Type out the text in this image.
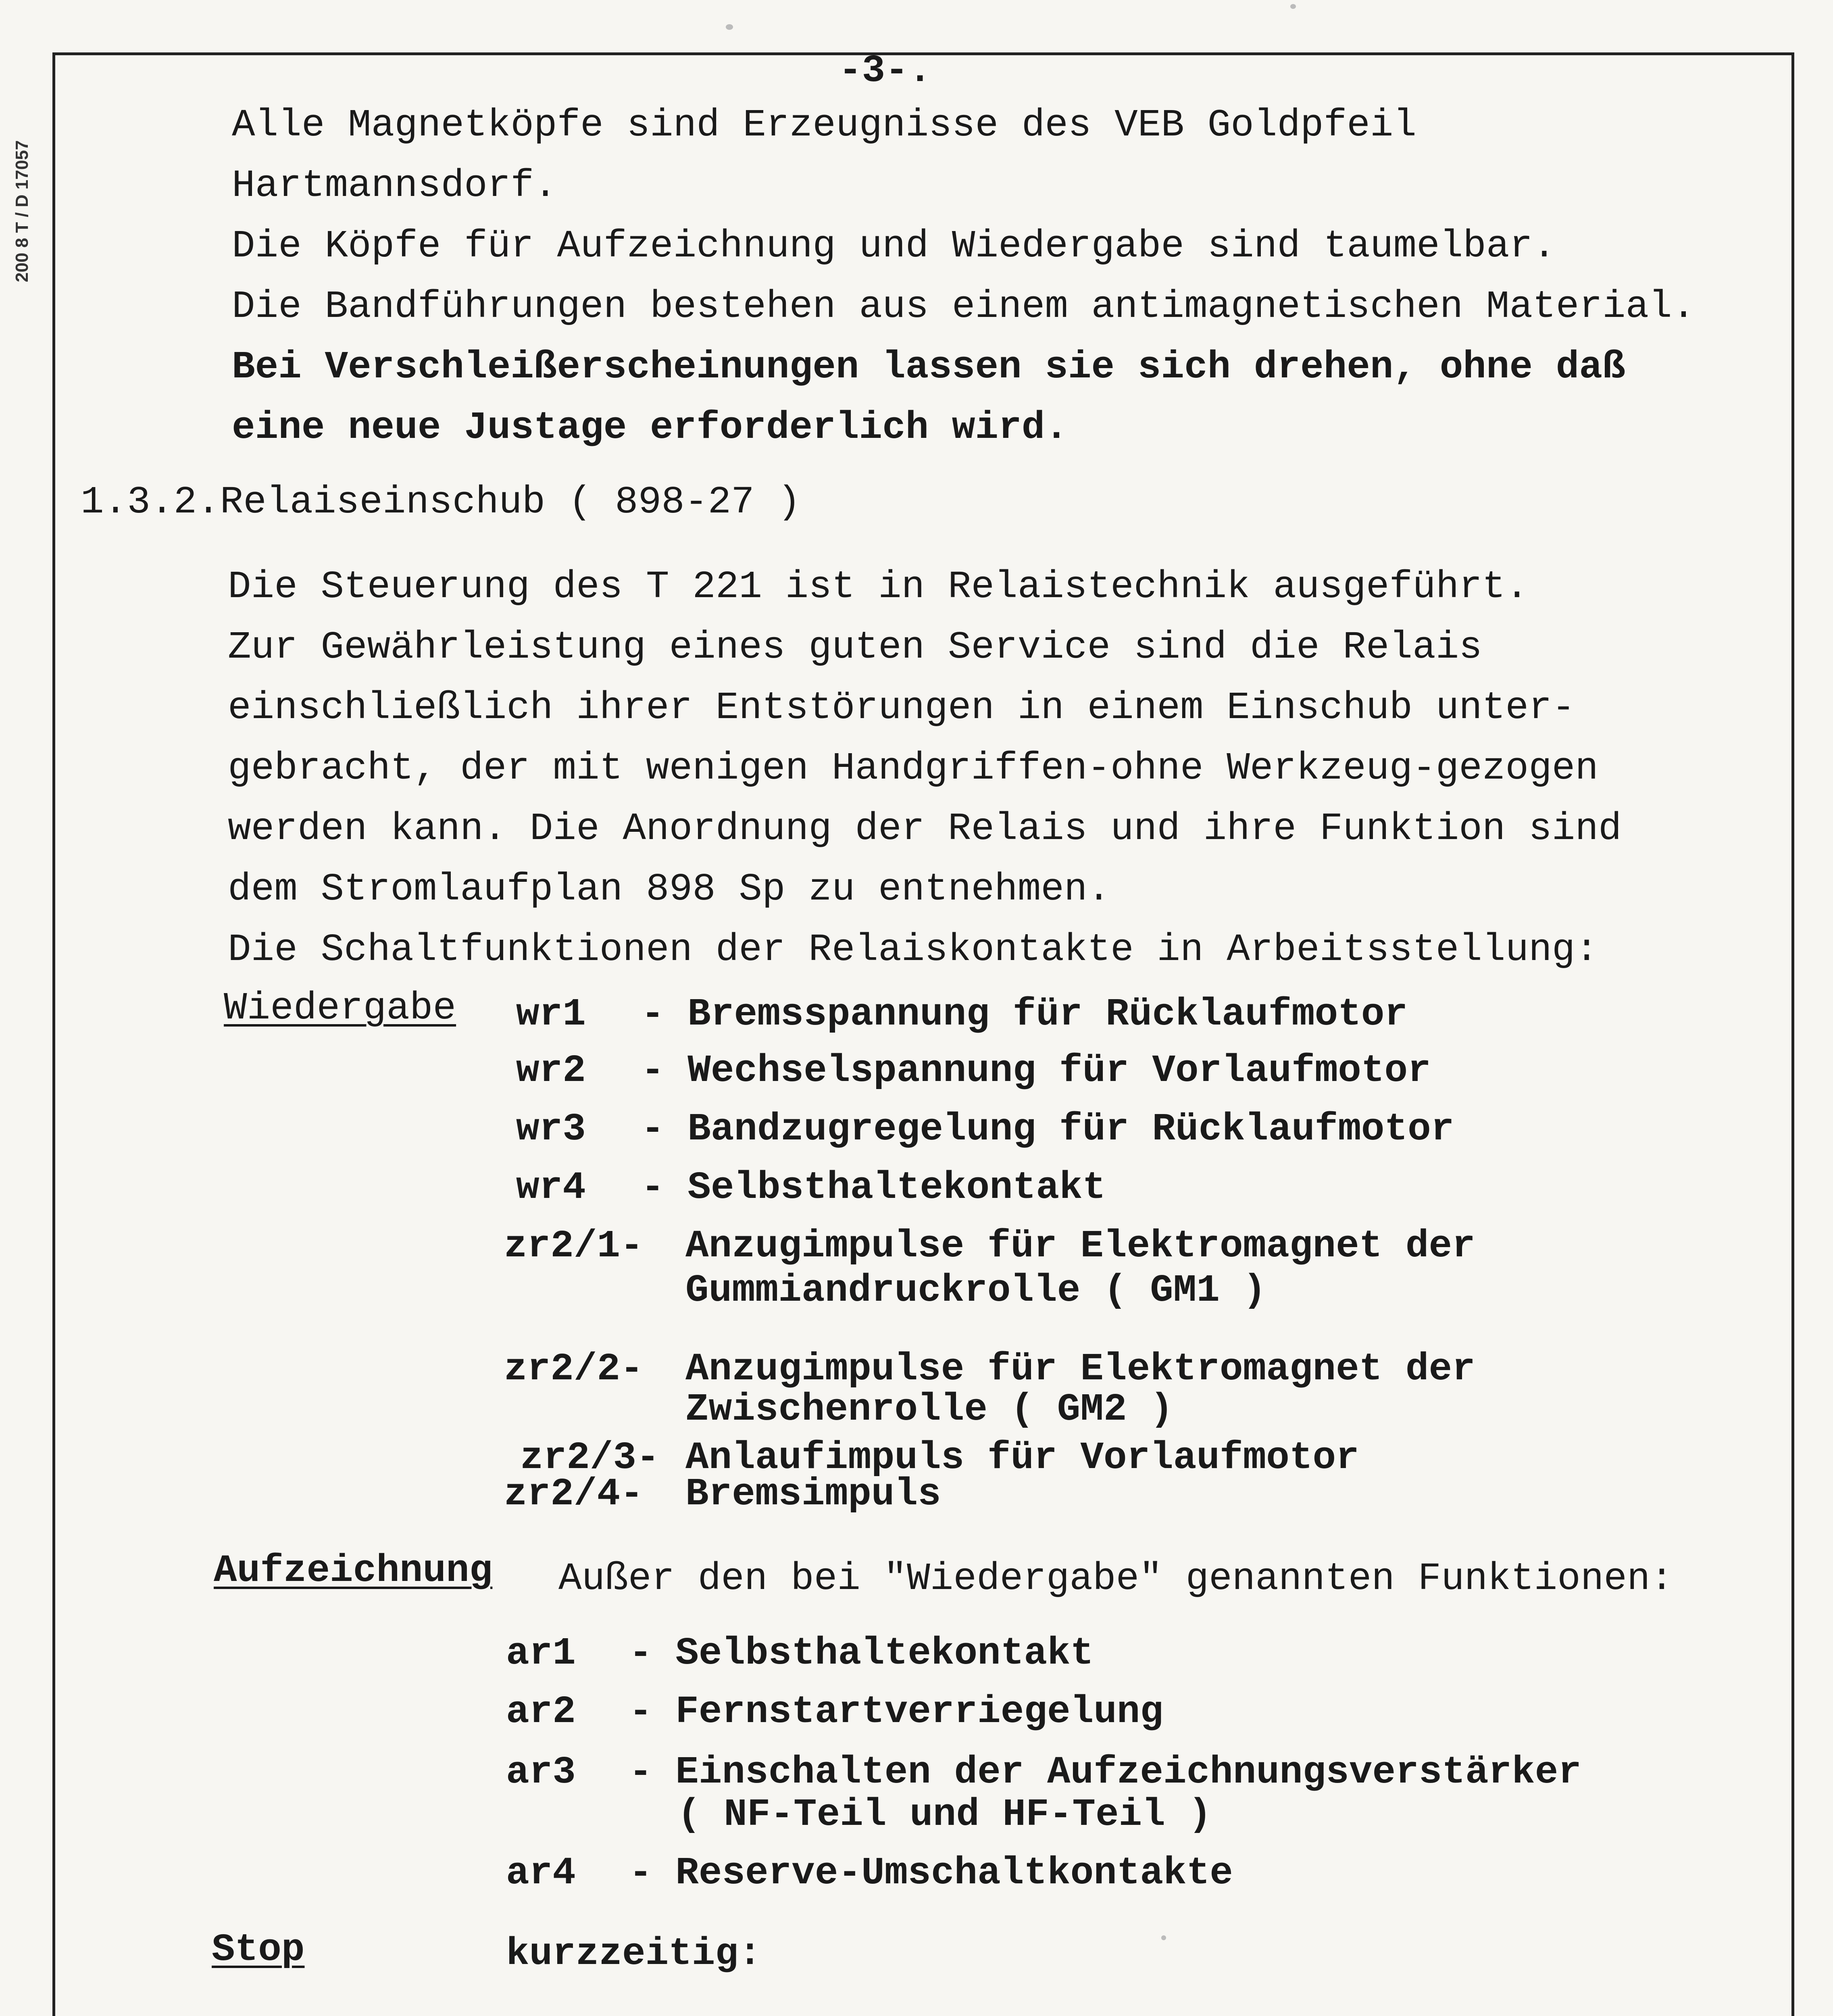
200 8 T / D 17057
-3-.
Alle Magnetköpfe sind Erzeugnisse des VEB Goldpfeil
Hartmannsdorf.
Die Köpfe für Aufzeichnung und Wiedergabe sind taumelbar.
Die Bandführungen bestehen aus einem antimagnetischen Material.
Bei Verschleißerscheinungen lassen sie sich drehen, ohne daß
eine neue Justage erforderlich wird.
1.3.2.Relaiseinschub ( 898-27 )
Die Steuerung des T 221 ist in Relaistechnik ausgeführt.
Zur Gewährleistung eines guten Service sind die Relais
einschließlich ihrer Entstörungen in einem Einschub unter-
gebracht, der mit wenigen Handgriffen-ohne Werkzeug-gezogen
werden kann. Die Anordnung der Relais und ihre Funktion sind
dem Stromlaufplan 898 Sp zu entnehmen.
Die Schaltfunktionen der Relaiskontakte in Arbeitsstellung:
Wiedergabe wr1 - Bremsspannung für Rücklaufmotor
wr2 - Wechselspannung für Vorlaufmotor
wr3 - Bandzugregelung für Rücklaufmotor
wr4 - Selbsthaltekontakt
zr2/1- Anzugimpulse für Elektromagnet der
Gummiandruckrolle ( GM1 )
zr2/2- Anzugimpulse für Elektromagnet der
Zwischenrolle ( GM2 )
zr2/3- Anlaufimpuls für Vorlaufmotor
zr2/4- Bremsimpuls
Aufzeichnung Außer den bei "Wiedergabe" genannten Funktionen:
ar1 - Selbsthaltekontakt
ar2 - Fernstartverriegelung
ar3 - Einschalten der Aufzeichnungsverstärker
( NF-Teil und HF-Teil )
ar4 - Reserve-Umschaltkontakte
Stop	kurzzeitig:
